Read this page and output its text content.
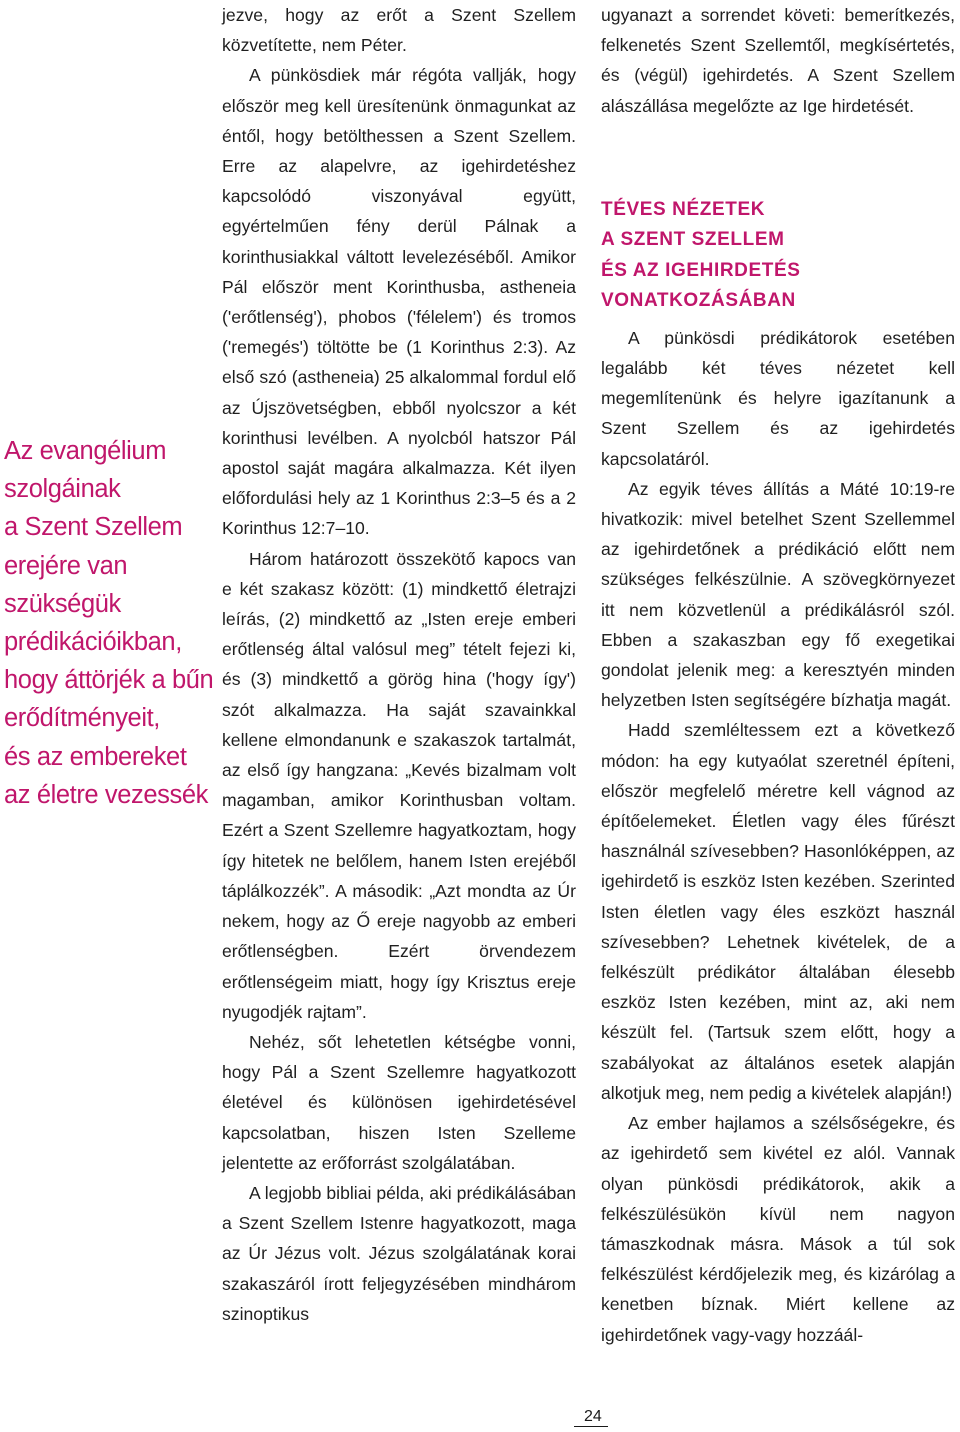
Az evangélium
szolgáinak
a Szent Szellem
erejére van
szükségük
prédikációikban,
hogy áttörjék a bűn
erődítményeit,
és az embereket
az életre vezessék

jezve, hogy az erőt a Szent Szellem közvetítette, nem Péter.

A pünkösdiek már régóta vallják, hogy először meg kell üresítenünk önmagunkat az éntől, hogy betölthessen a Szent Szellem. Erre az alapelvre, az igehirdetéshez kapcsolódó viszonyával együtt, egyértelműen fény derül Pálnak a korinthusiakkal váltott levelezéséből. Amikor Pál először ment Korinthusba, astheneia ('erőtlenség'), phobos ('félelem') és tromos ('remegés') töltötte be (1 Korinthus 2:3). Az első szó (astheneia) 25 alkalommal fordul elő az Újszövetségben, ebből nyolcszor a két korinthusi levélben. A nyolcból hatszor Pál apostol saját magára alkalmazza. Két ilyen előfordulási hely az 1 Korinthus 2:3–5 és a 2 Korinthus 12:7–10.

Három határozott összekötő kapocs van e két szakasz között: (1) mindkettő életrajzi leírás, (2) mindkettő az „Isten ereje emberi erőtlenség által valósul meg” tételt fejezi ki, és (3) mindkettő a görög hina ('hogy így') szót alkalmazza. Ha saját szavainkkal kellene elmondanunk e szakaszok tartalmát, az első így hangzana: „Kevés bizalmam volt magamban, amikor Korinthusban voltam. Ezért a Szent Szellemre hagyatkoztam, hogy így hitetek ne belőlem, hanem Isten erejéből táplálkozzék”. A második: „Azt mondta az Úr nekem, hogy az Ő ereje nagyobb az emberi erőtlenségben. Ezért örvendezem erőtlenségeim miatt, hogy így Krisztus ereje nyugodjék rajtam”.

Nehéz, sőt lehetetlen kétségbe vonni, hogy Pál a Szent Szellemre hagyatkozott életével és különösen igehirdetésével kapcsolatban, hiszen Isten Szelleme jelentette az erőforrást szolgálatában.

A legjobb bibliai példa, aki prédikálásában a Szent Szellem Istenre hagyatkozott, maga az Úr Jézus volt. Jézus szolgálatának korai szakaszáról írott feljegyzésében mindhárom szinoptikus

ugyanazt a sorrendet követi: bemerítkezés, felkenetés Szent Szellemtől, megkísértetés, és (végül) igehirdetés. A Szent Szellem alászállása megelőzte az Ige hirdetését.

TÉVES NÉZETEK
A SZENT SZELLEM
ÉS AZ IGEHIRDETÉS
VONATKOZÁSÁBAN

A pünkösdi prédikátorok esetében legalább két téves nézetet kell megemlítenünk és helyre igazítanunk a Szent Szellem és az igehirdetés kapcsolatáról.

Az egyik téves állítás a Máté 10:19-re hivatkozik: mivel betelhet Szent Szellemmel az igehirdetőnek a prédikáció előtt nem szükséges felkészülnie. A szövegkörnyezet itt nem közvetlenül a prédikálásról szól. Ebben a szakaszban egy fő exegetikai gondolat jelenik meg: a keresztyén minden helyzetben Isten segítségére bízhatja magát.

Hadd szemléltessem ezt a következő módon: ha egy kutyaólat szeretnél építeni, először megfelelő méretre kell vágnod az építőelemeket. Életlen vagy éles fűrészt használnál szívesebben? Hasonlóképpen, az igehirdető is eszköz Isten kezében. Szerinted Isten életlen vagy éles eszközt használ szívesebben? Lehetnek kivételek, de a felkészült prédikátor általában élesebb eszköz Isten kezében, mint az, aki nem készült fel. (Tartsuk szem előtt, hogy a szabályokat az általános esetek alapján alkotjuk meg, nem pedig a kivételek alapján!)

Az ember hajlamos a szélsőségekre, és az igehirdető sem kivétel ez alól. Vannak olyan pünkösdi prédikátorok, akik a felkészülésükön kívül nem nagyon támaszkodnak másra. Mások a túl sok felkészülést kérdőjelezik meg, és kizárólag a kenetben bíznak. Miért kellene az igehirdetőnek vagy-vagy hozzáál-

24
